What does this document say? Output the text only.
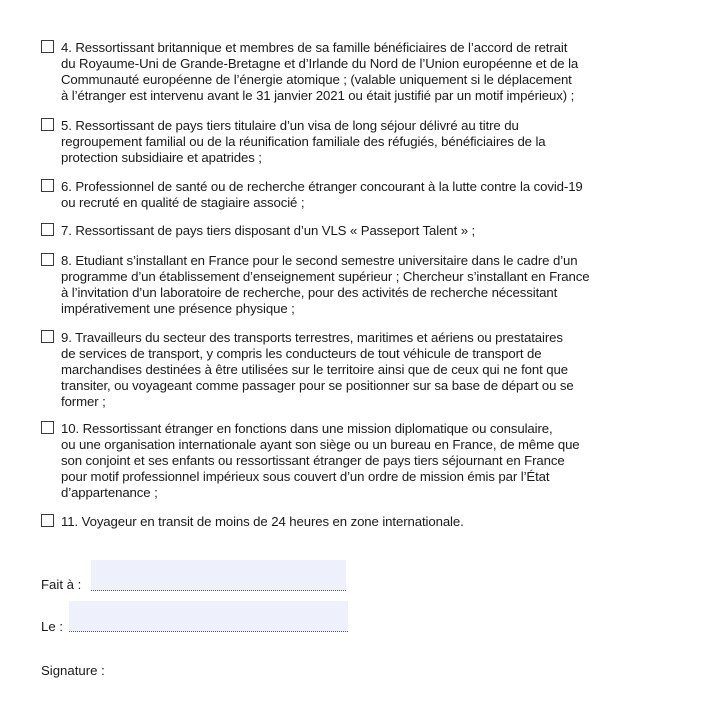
4. Ressortissant britannique et membres de sa famille bénéficiaires de l’accord de retrait
du Royaume-Uni de Grande-Bretagne et d’Irlande du Nord de l’Union européenne et de la
Communauté européenne de l’énergie atomique ; (valable uniquement si le déplacement
à l’étranger est intervenu avant le 31 janvier 2021 ou était justifié par un motif impérieux) ;
5. Ressortissant de pays tiers titulaire d’un visa de long séjour délivré au titre du
regroupement familial ou de la réunification familiale des réfugiés, bénéficiaires de la
protection subsidiaire et apatrides ;
6. Professionnel de santé ou de recherche étranger concourant à la lutte contre la covid-19
ou recruté en qualité de stagiaire associé ;
7. Ressortissant de pays tiers disposant d’un VLS « Passeport Talent » ;
8. Etudiant s’installant en France pour le second semestre universitaire dans le cadre d’un
programme d’un établissement d’enseignement supérieur ; Chercheur s’installant en France
à l’invitation d’un laboratoire de recherche, pour des activités de recherche nécessitant
impérativement une présence physique ;
9. Travailleurs du secteur des transports terrestres, maritimes et aériens ou prestataires
de services de transport, y compris les conducteurs de tout véhicule de transport de
marchandises destinées à être utilisées sur le territoire ainsi que de ceux qui ne font que
transiter, ou voyageant comme passager pour se positionner sur sa base de départ ou se
former ;
10. Ressortissant étranger en fonctions dans une mission diplomatique ou consulaire,
ou une organisation internationale ayant son siège ou un bureau en France, de même que
son conjoint et ses enfants ou ressortissant étranger de pays tiers séjournant en France
pour motif professionnel impérieux sous couvert d’un ordre de mission émis par l’État
d’appartenance ;
11. Voyageur en transit de moins de 24 heures en zone internationale.
Fait à :
Le :
Signature :
